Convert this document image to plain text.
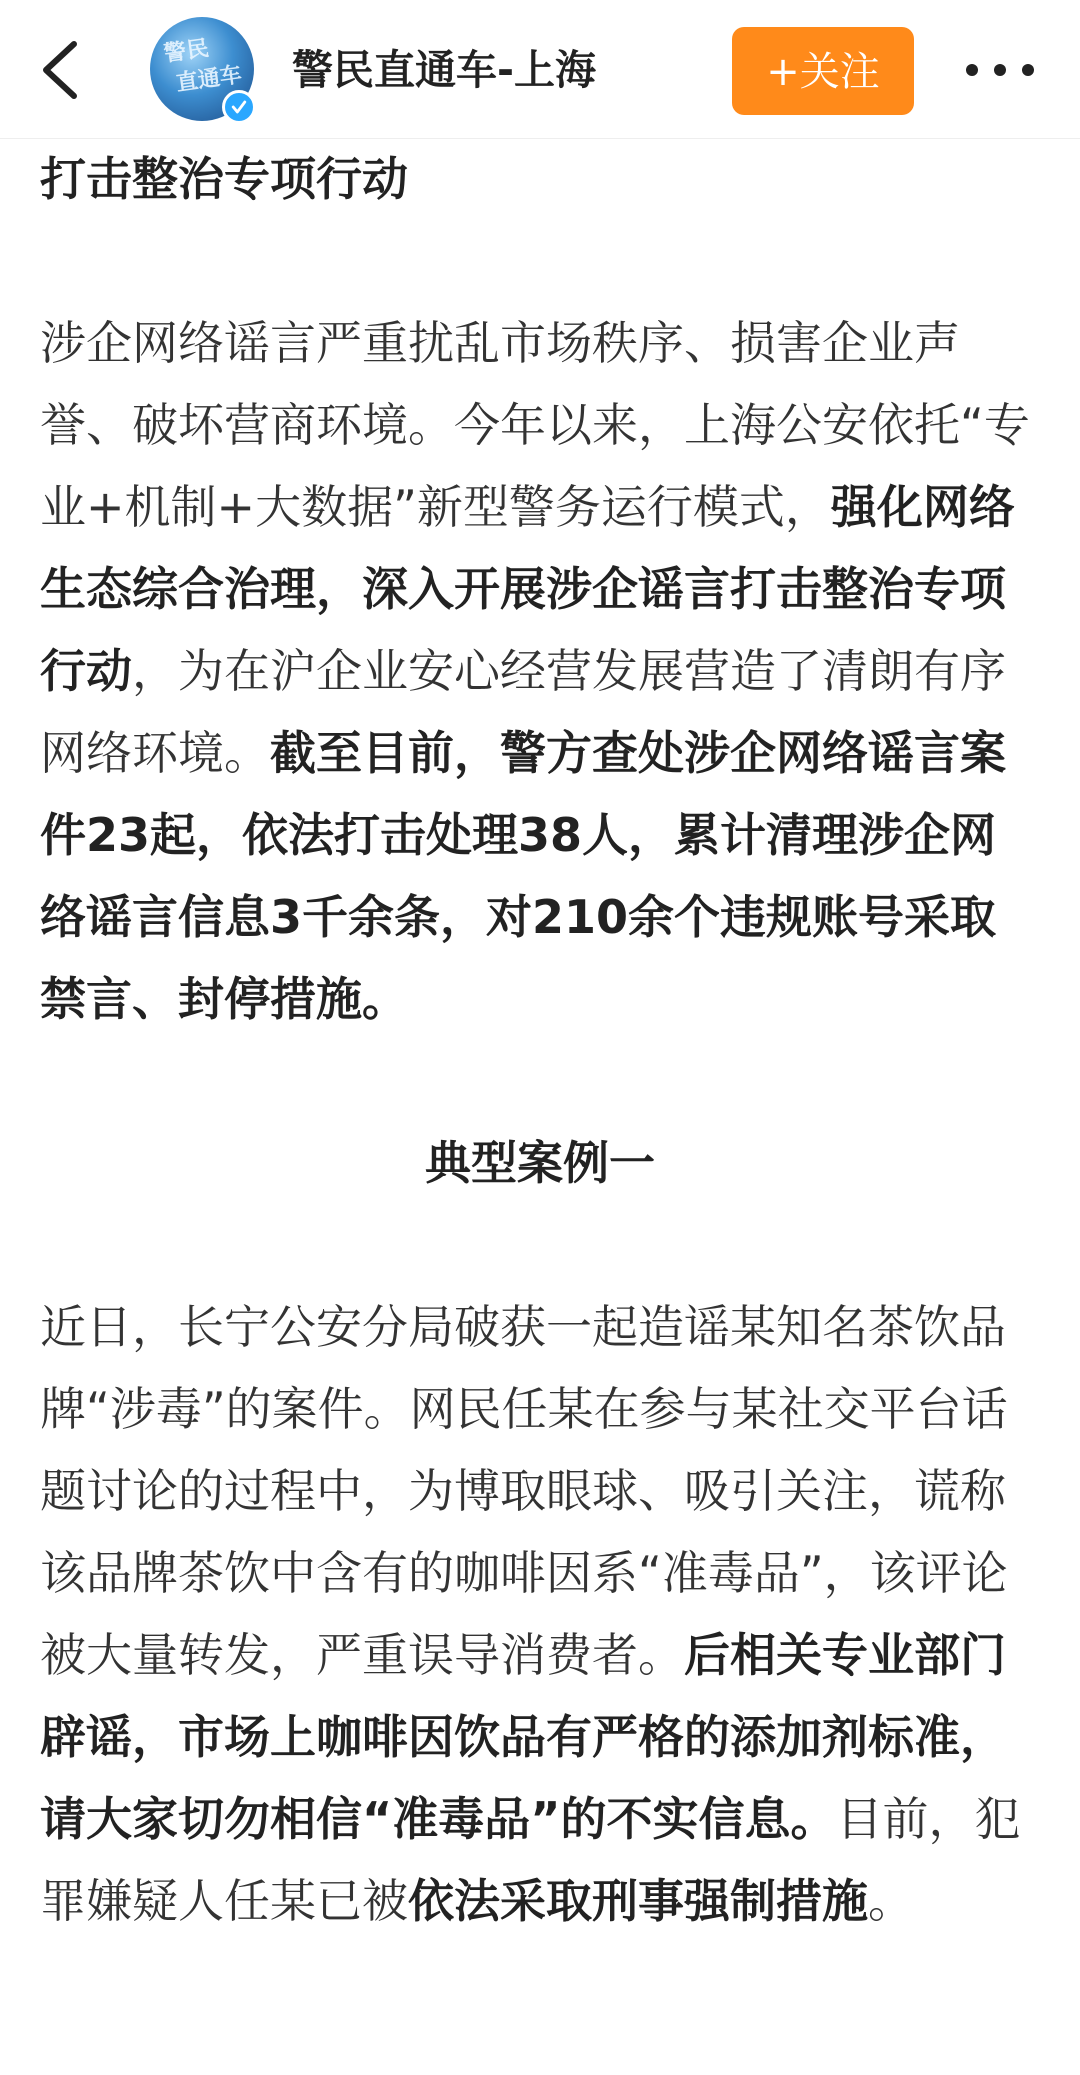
警民
直通车 警民直通车-上海	+关注

打击整治专项行动

涉企网络谣言严重扰乱市场秩序、损害企业声誉、破坏营商环境。今年以来，上海公安依托“专业+机制+大数据”新型警务运行模式，强化网络生态综合治理，深入开展涉企谣言打击整治专项行动，为在沪企业安心经营发展营造了清朗有序网络环境。截至目前，警方查处涉企网络谣言案件23起，依法打击处理38人，累计清理涉企网络谣言信息3千余条，对210余个违规账号采取禁言、封停措施。

典型案例一

近日，长宁公安分局破获一起造谣某知名茶饮品牌“涉毒”的案件。网民任某在参与某社交平台话题讨论的过程中，为博取眼球、吸引关注，谎称该品牌茶饮中含有的咖啡因系“准毒品”，该评论被大量转发，严重误导消费者。后相关专业部门辟谣，市场上咖啡因饮品有严格的添加剂标准，请大家切勿相信“准毒品”的不实信息。目前，犯罪嫌疑人任某已被依法采取刑事强制措施。
